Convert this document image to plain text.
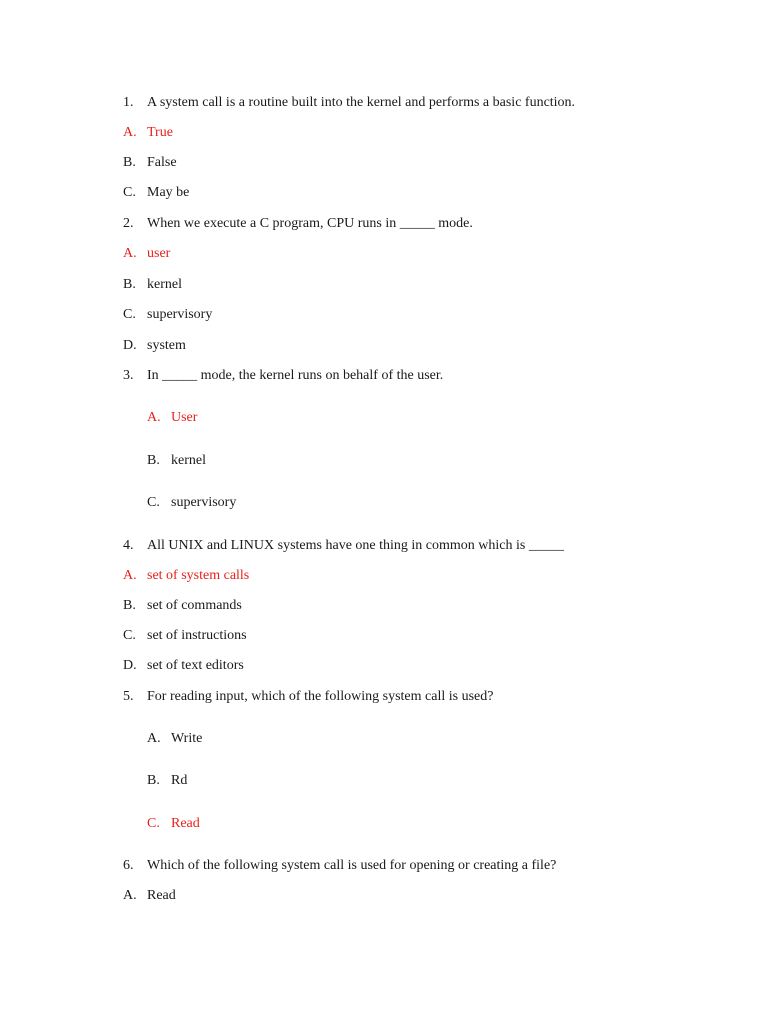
1. A system call is a routine built into the kernel and performs a basic function.
A. True
B. False
C. May be
2. When we execute a C program, CPU runs in _____ mode.
A. user
B. kernel
C. supervisory
D. system
3. In _____ mode, the kernel runs on behalf of the user.
A. User
B. kernel
C. supervisory
4. All UNIX and LINUX systems have one thing in common which is _____
A. set of system calls
B. set of commands
C. set of instructions
D. set of text editors
5. For reading input, which of the following system call is used?
A. Write
B. Rd
C. Read
6. Which of the following system call is used for opening or creating a file?
A. Read
